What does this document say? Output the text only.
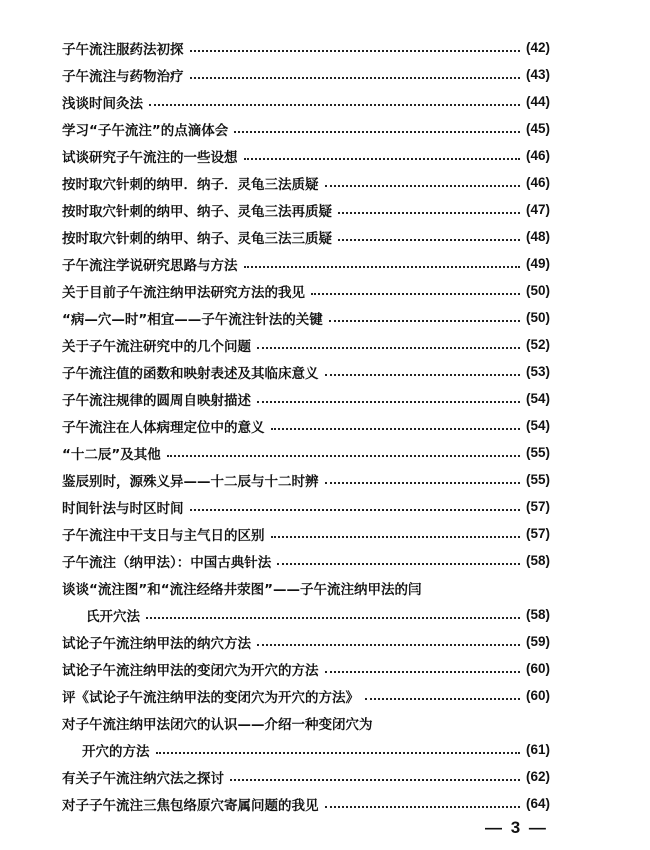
子午流注服药法初探	(42)
子午流注与药物治疗	(43)
浅谈时间灸法	(44)
学习“子午流注”的点滴体会	(45)
试谈研究子午流注的一些设想	(46)
按时取穴针刺的纳甲．纳子．灵龟三法质疑	(46)
按时取穴针刺的纳甲、纳子、灵龟三法再质疑	(47)
按时取穴针刺的纳甲、纳子、灵龟三法三质疑	(48)
子午流注学说研究思路与方法	(49)
关于目前子午流注纳甲法研究方法的我见	(50)
“病—穴—时”相宜——子午流注针法的关键	(50)
关于子午流注研究中的几个问题	(52)
子午流注值的函数和映射表述及其临床意义	(53)
子午流注规律的圆周自映射描述	(54)
子午流注在人体病理定位中的意义	(54)
“十二辰”及其他	(55)
鉴辰别时，源殊义异——十二辰与十二时辨	(55)
时间针法与时区时间	(57)
子午流注中干支日与主气日的区别	(57)
子午流注（纳甲法）：中国古典针法	(58)
谈谈“流注图”和“流注经络井荥图”——子午流注纳甲法的闫
氏开穴法	(58)
试论子午流注纳甲法的纳穴方法	(59)
试论子午流注纳甲法的变闭穴为开穴的方法	(60)
评《试论子午流注纳甲法的变闭穴为开穴的方法》	(60)
对子午流注纳甲法闭穴的认识——介绍一种变闭穴为
开穴的方法	(61)
有关子午流注纳穴法之探讨	(62)
对子子午流注三焦包络原穴寄属问题的我见	(64)
— 3 —
